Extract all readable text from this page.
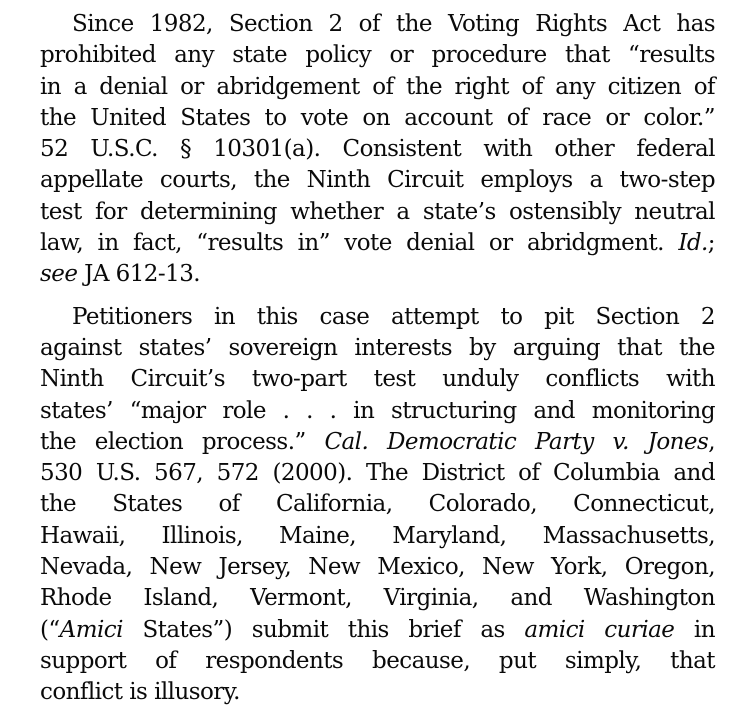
Since 1982, Section 2 of the Voting Rights Act has
prohibited any state policy or procedure that “results
in a denial or abridgement of the right of any citizen of
the United States to vote on account of race or color.”
52 U.S.C. § 10301(a). Consistent with other federal
appellate courts, the Ninth Circuit employs a two-step
test for determining whether a state’s ostensibly neutral
law, in fact, “results in” vote denial or abridgment. Id.;
see JA 612-13.
Petitioners in this case attempt to pit Section 2
against states’ sovereign interests by arguing that the
Ninth Circuit’s two-part test unduly conflicts with
states’ “major role . . . in structuring and monitoring
the election process.” Cal. Democratic Party v. Jones,
530 U.S. 567, 572 (2000). The District of Columbia and
the States of California, Colorado, Connecticut,
Hawaii, Illinois, Maine, Maryland, Massachusetts,
Nevada, New Jersey, New Mexico, New York, Oregon,
Rhode Island, Vermont, Virginia, and Washington
(“Amici States”) submit this brief as amici curiae in
support of respondents because, put simply, that
conflict is illusory.
